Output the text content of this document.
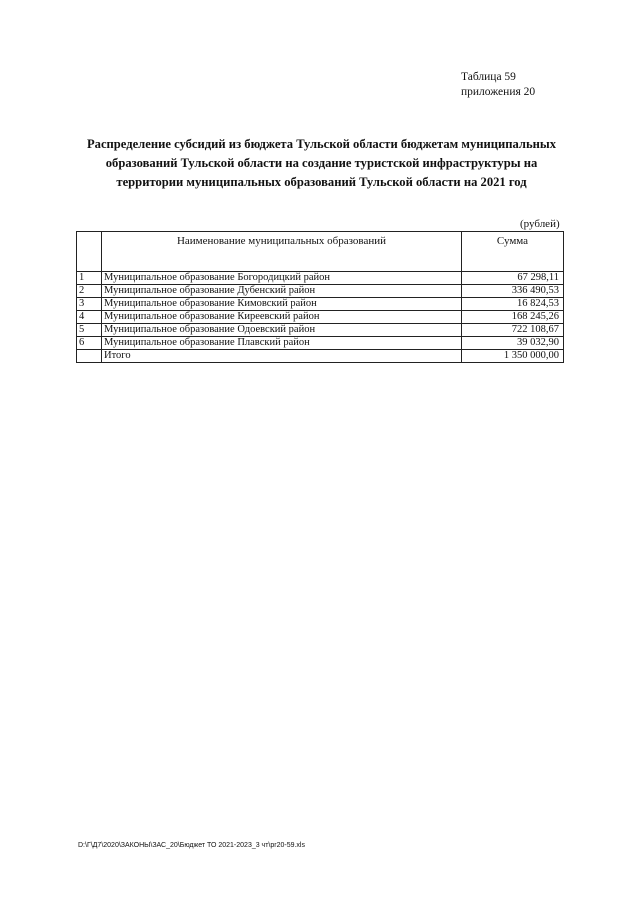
Таблица 59
приложения 20
Распределение субсидий из бюджета Тульской области бюджетам муниципальных
образований Тульской области на создание туристской инфраструктуры на
территории муниципальных образований Тульской области на 2021 год
(рублей)
	Наименование муниципальных образований	Сумма
1	Муниципальное образование Богородицкий район	67 298,11
2	Муниципальное образование Дубенский район	336 490,53
3	Муниципальное образование Кимовский район	16 824,53
4	Муниципальное образование Киреевский район	168 245,26
5	Муниципальное образование Одоевский район	722 108,67
6	Муниципальное образование Плавский район	39 032,90
	Итого	1 350 000,00
D:\Г\Д7\2020\ЗАКОНЫ\ЗАС_20\Бюджет ТО 2021-2023_3 чт\pr20-59.xls
